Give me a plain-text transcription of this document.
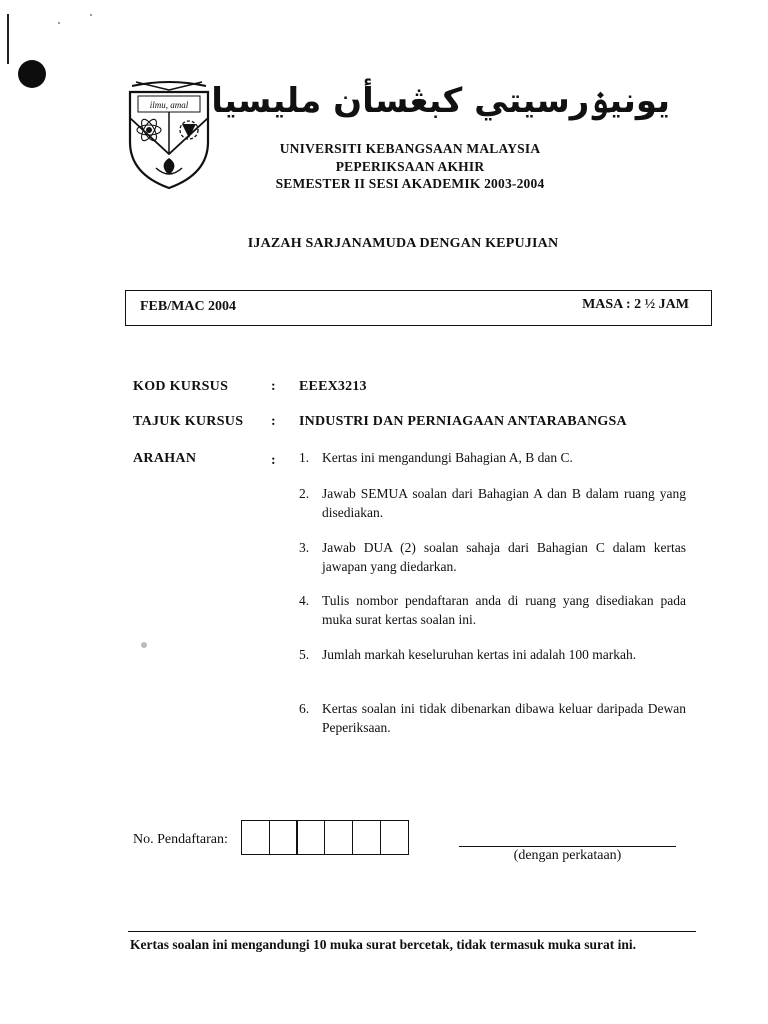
ilmu, amal يونيۏرسيتي كبڠسأن مليسيا
UNIVERSITI KEBANGSAAN MALAYSIA
PEPERIKSAAN AKHIR
SEMESTER II SESI AKADEMIK 2003-2004
IJAZAH SARJANAMUDA DENGAN KEPUJIAN
FEB/MAC 2004	MASA : 2 ½ JAM
KOD KURSUS	: EEEX3213
TAJUK KURSUS : INDUSTRI DAN PERNIAGAAN ANTARABANGSA
ARAHAN	: 1. Kertas ini mengandungi Bahagian A, B dan C.
2. Jawab SEMUA soalan dari Bahagian A dan B dalam ruang yang disediakan.
3. Jawab DUA (2) soalan sahaja dari Bahagian C dalam kertas jawapan yang diedarkan.
4. Tulis nombor pendaftaran anda di ruang yang disediakan pada muka surat kertas soalan ini.
5. Jumlah markah keseluruhan kertas ini adalah 100 markah.
6. Kertas soalan ini tidak dibenarkan dibawa keluar daripada Dewan Peperiksaan.
No. Pendaftaran:
(dengan perkataan)
Kertas soalan ini mengandungi 10 muka surat bercetak, tidak termasuk muka surat ini.
